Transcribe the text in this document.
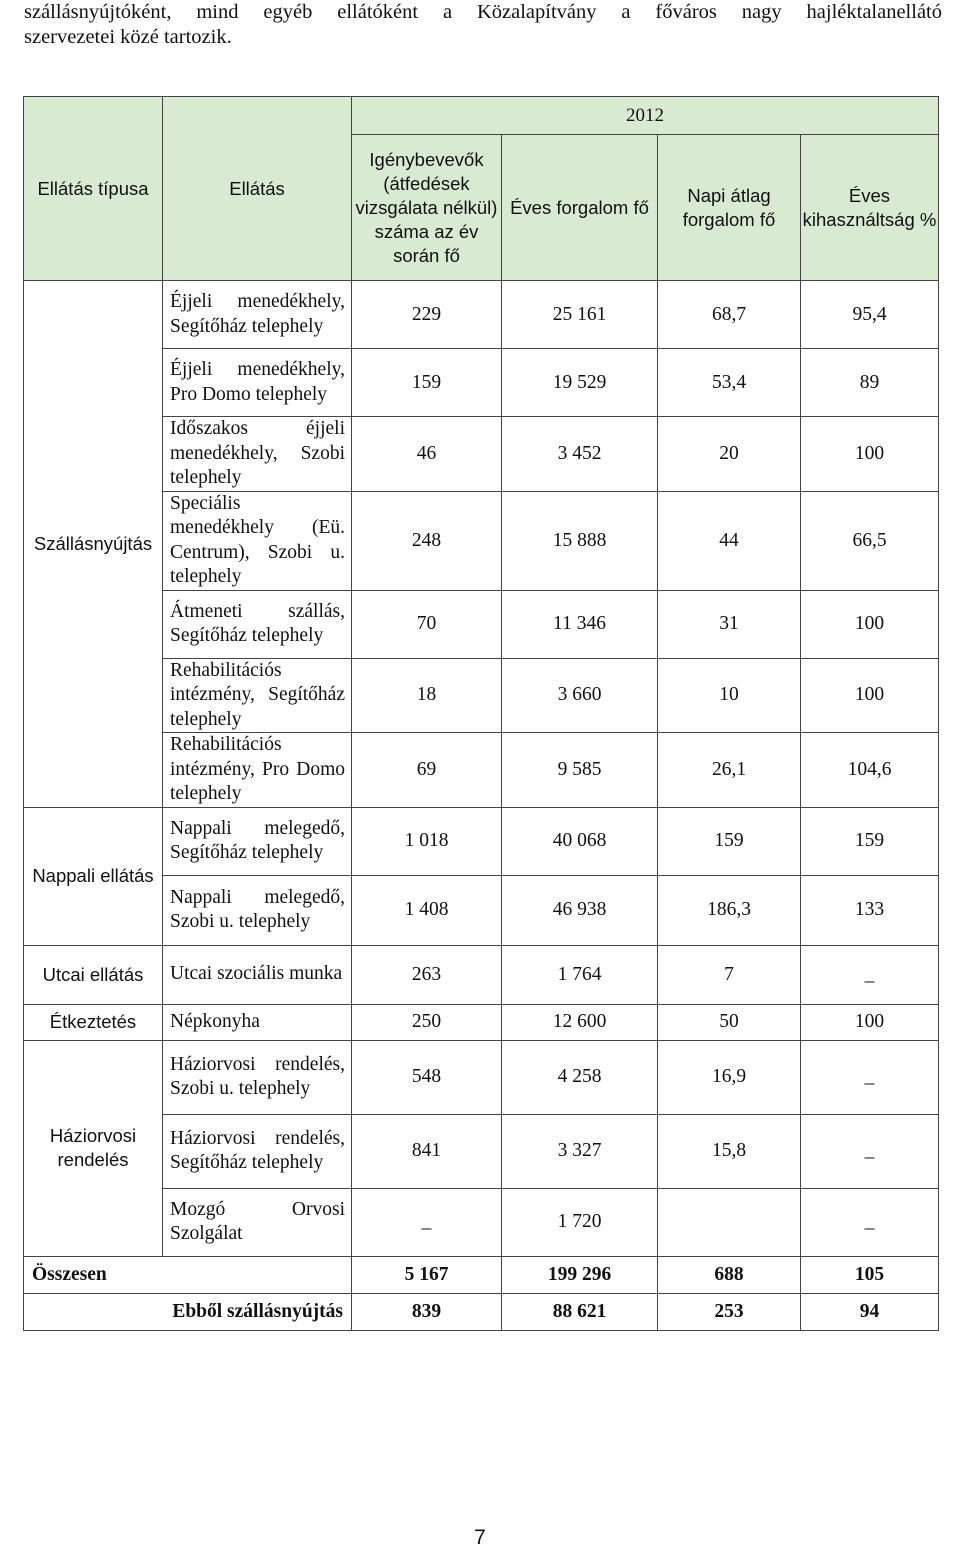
szállásnyújtóként, mind egyéb ellátóként a Közalapítvány a főváros nagy hajléktalanellátó

szervezetei közé tartozik.

Ellátás típusa	Ellátás	2012			
		Igénybevevők (átfedések vizsgálata nélkül) száma az év során fő	Éves forgalom fő	Napi átlag forgalom fő	Éves kihasználtság %
Szállásnyújtás	Éjjeli menedékhely, Segítőház telephely	229	25 161	68,7	95,4
	Éjjeli menedékhely, Pro Domo telephely	159	19 529	53,4	89
	Időszakos éjjeli menedékhely, Szobi telephely	46	3 452	20	100
	Speciális menedékhely (Eü. Centrum), Szobi u. telephely	248	15 888	44	66,5
	Átmeneti szállás, Segítőház telephely	70	11 346	31	100
	Rehabilitációs intézmény, Segítőház telephely	18	3 660	10	100
	Rehabilitációs intézmény, Pro Domo telephely	69	9 585	26,1	104,6
Nappali ellátás	Nappali melegedő, Segítőház telephely	1 018	40 068	159	159
	Nappali melegedő, Szobi u. telephely	1 408	46 938	186,3	133
Utcai ellátás	Utcai szociális munka	263	1 764	7	_
Étkeztetés	Népkonyha	250	12 600	50	100
Háziorvosi rendelés	Háziorvosi rendelés, Szobi u. telephely	548	4 258	16,9	_
	Háziorvosi rendelés, Segítőház telephely	841	3 327	15,8	_
	Mozgó Orvosi Szolgálat	_	1 720		_
Összesen		5 167	199 296	688	105
Ebből szállásnyújtás		839	88 621	253	94
7
